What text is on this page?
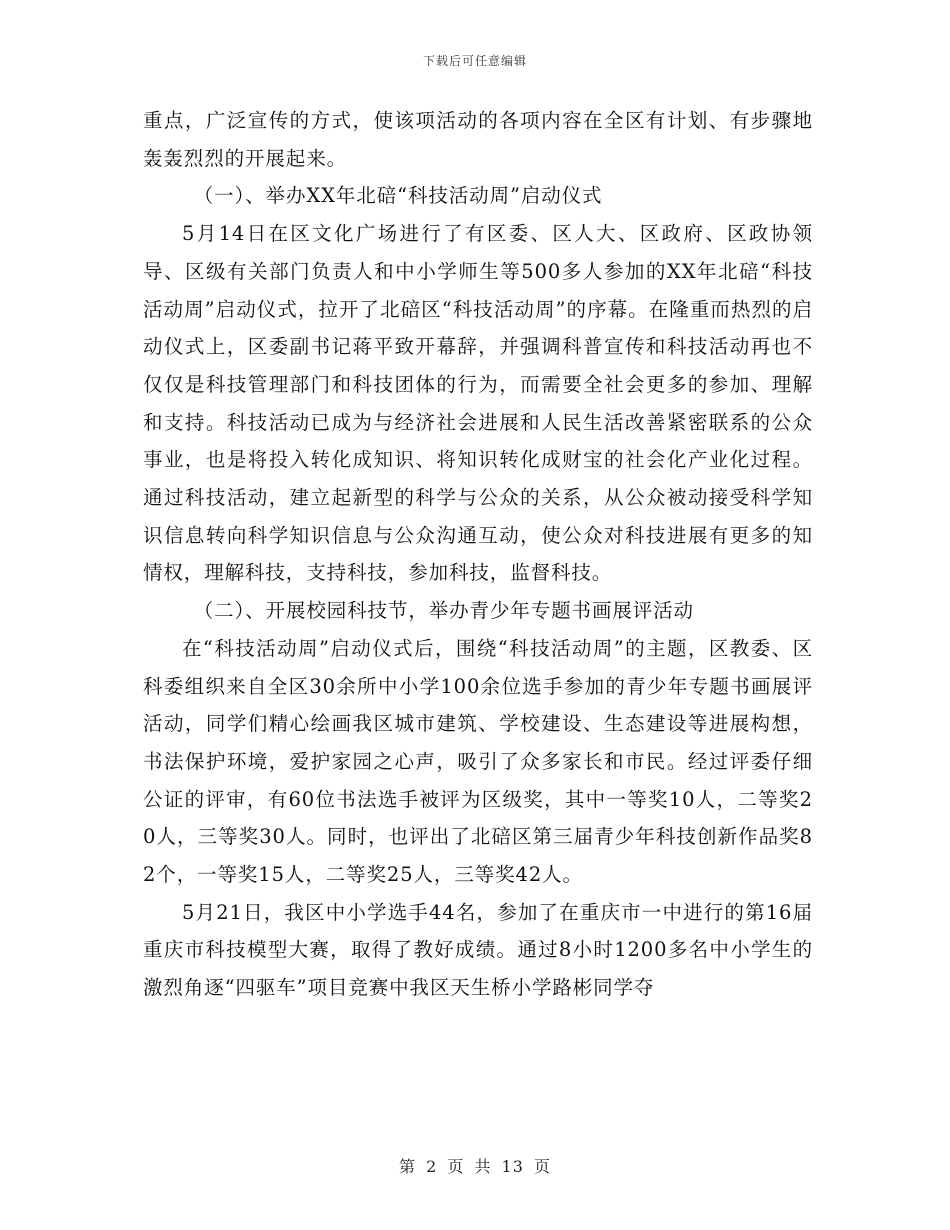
下载后可任意编辑

重点，广泛宣传的方式，使该项活动的各项内容在全区有计划、有步骤地轰轰烈烈的开展起来。

（一）、举办XX年北碚“科技活动周”启动仪式

5月14日在区文化广场进行了有区委、区人大、区政府、区政协领导、区级有关部门负责人和中小学师生等500多人参加的XX年北碚“科技活动周”启动仪式，拉开了北碚区“科技活动周”的序幕。在隆重而热烈的启动仪式上，区委副书记蒋平致开幕辞，并强调科普宣传和科技活动再也不仅仅是科技管理部门和科技团体的行为，而需要全社会更多的参加、理解和支持。科技活动已成为与经济社会进展和人民生活改善紧密联系的公众事业，也是将投入转化成知识、将知识转化成财宝的社会化产业化过程。通过科技活动，建立起新型的科学与公众的关系，从公众被动接受科学知识信息转向科学知识信息与公众沟通互动，使公众对科技进展有更多的知情权，理解科技，支持科技，参加科技，监督科技。

（二）、开展校园科技节，举办青少年专题书画展评活动

在“科技活动周”启动仪式后，围绕“科技活动周”的主题，区教委、区科委组织来自全区30余所中小学100余位选手参加的青少年专题书画展评活动，同学们精心绘画我区城市建筑、学校建设、生态建设等进展构想，书法保护环境，爱护家园之心声，吸引了众多家长和市民。经过评委仔细公证的评审，有60位书法选手被评为区级奖，其中一等奖10人，二等奖20人，三等奖30人。同时，也评出了北碚区第三届青少年科技创新作品奖82个，一等奖15人，二等奖25人，三等奖42人。

5月21日，我区中小学选手44名，参加了在重庆市一中进行的第16届重庆市科技模型大赛，取得了教好成绩。通过8小时1200多名中小学生的激烈角逐“四驱车”项目竞赛中我区天生桥小学路彬同学夺

第 2 页 共 13 页
